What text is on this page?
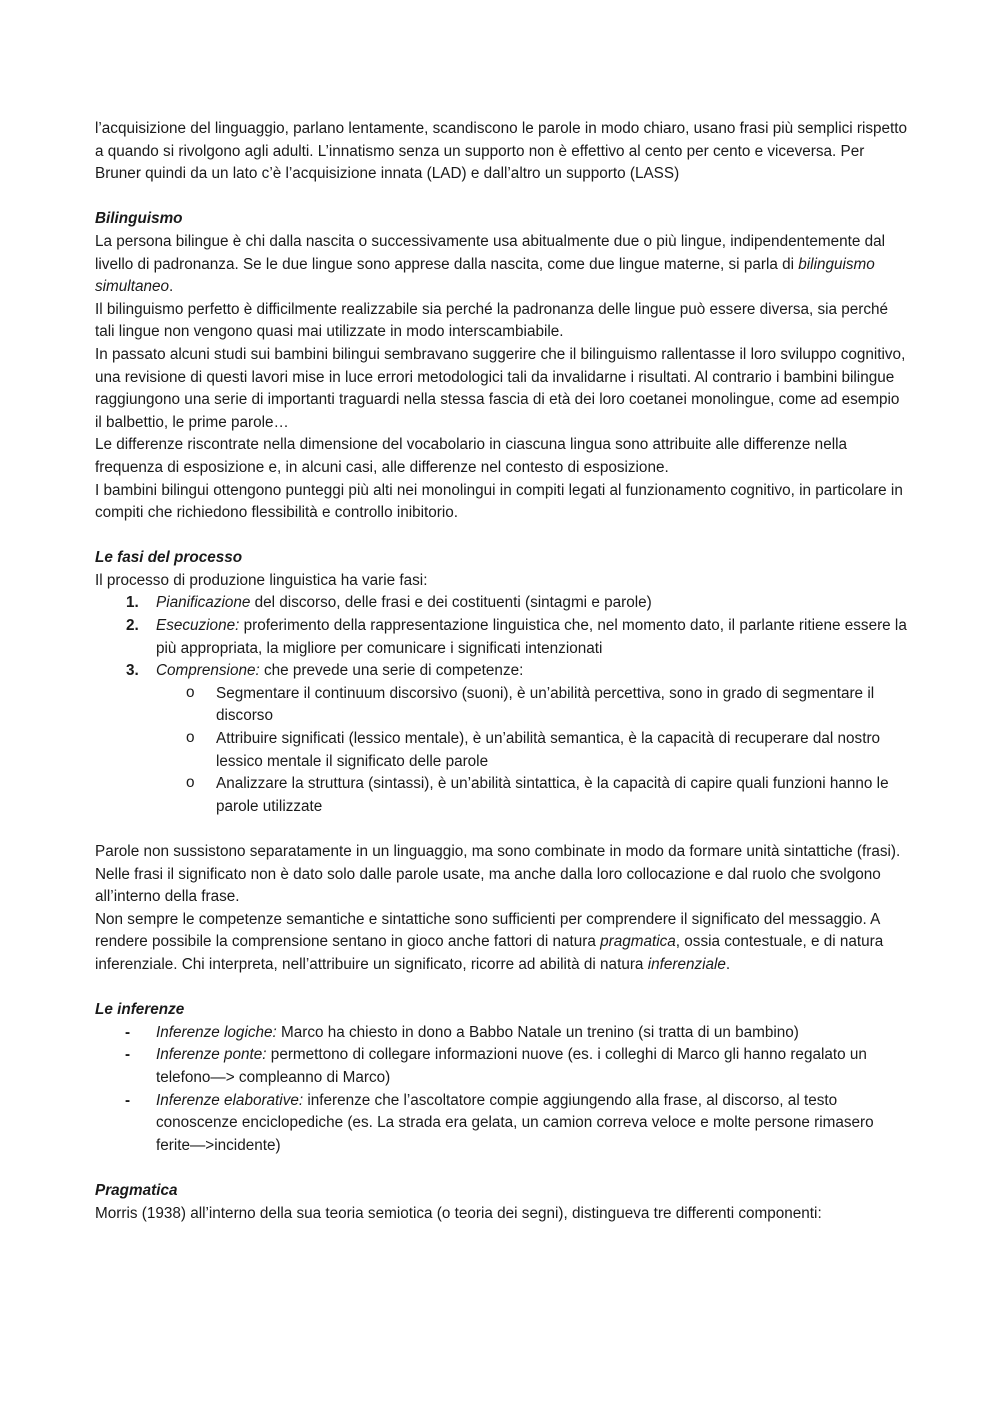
l’acquisizione del linguaggio, parlano lentamente, scandiscono le parole in modo chiaro, usano frasi più semplici rispetto a quando si rivolgono agli adulti. L’innatismo senza un supporto non è effettivo al cento per cento e viceversa. Per Bruner quindi da un lato c’è l’acquisizione innata (LAD) e dall’altro un supporto (LASS)

Bilinguismo

La persona bilingue è chi dalla nascita o successivamente usa abitualmente due o più lingue, indipendentemente dal livello di padronanza. Se le due lingue sono apprese dalla nascita, come due lingue materne, si parla di bilinguismo simultaneo.

Il bilinguismo perfetto è difficilmente realizzabile sia perché la padronanza delle lingue può essere diversa, sia perché tali lingue non vengono quasi mai utilizzate in modo interscambiabile.

In passato alcuni studi sui bambini bilingui sembravano suggerire che il bilinguismo rallentasse il loro sviluppo cognitivo, una revisione di questi lavori mise in luce errori metodologici tali da invalidarne i risultati. Al contrario i bambini bilingue raggiungono una serie di importanti traguardi nella stessa fascia di età dei loro coetanei monolingue, come ad esempio il balbettio, le prime parole…

Le differenze riscontrate nella dimensione del vocabolario in ciascuna lingua sono attribuite alle differenze nella frequenza di esposizione e, in alcuni casi, alle differenze nel contesto di esposizione.

I bambini bilingui ottengono punteggi più alti nei monolingui in compiti legati al funzionamento cognitivo, in particolare in compiti che richiedono flessibilità e controllo inibitorio.

Le fasi del processo

Il processo di produzione linguistica ha varie fasi:

1. Pianificazione del discorso, delle frasi e dei costituenti (sintagmi e parole)
2. Esecuzione: proferimento della rappresentazione linguistica che, nel momento dato, il parlante ritiene essere la più appropriata, la migliore per comunicare i significati intenzionati
3. Comprensione: che prevede una serie di competenze:
o Segmentare il continuum discorsivo (suoni), è un’abilità percettiva, sono in grado di segmentare il discorso
o Attribuire significati (lessico mentale), è un’abilità semantica, è la capacità di recuperare dal nostro lessico mentale il significato delle parole
o Analizzare la struttura (sintassi), è un’abilità sintattica, è la capacità di capire quali funzioni hanno le parole utilizzate

Parole non sussistono separatamente in un linguaggio, ma sono combinate in modo da formare unità sintattiche (frasi).

Nelle frasi il significato non è dato solo dalle parole usate, ma anche dalla loro collocazione e dal ruolo che svolgono all’interno della frase.

Non sempre le competenze semantiche e sintattiche sono sufficienti per comprendere il significato del messaggio. A rendere possibile la comprensione sentano in gioco anche fattori di natura pragmatica, ossia contestuale, e di natura inferenziale. Chi interpreta, nell’attribuire un significato, ricorre ad abilità di natura inferenziale.

Le inferenze
- Inferenze logiche: Marco ha chiesto in dono a Babbo Natale un trenino (si tratta di un bambino)
- Inferenze ponte: permettono di collegare informazioni nuove (es. i colleghi di Marco gli hanno regalato un telefono—> compleanno di Marco)
- Inferenze elaborative: inferenze che l’ascoltatore compie aggiungendo alla frase, al discorso, al testo conoscenze enciclopediche (es. La strada era gelata, un camion correva veloce e molte persone rimasero ferite—>incidente)
Pragmatica

Morris (1938) all’interno della sua teoria semiotica (o teoria dei segni), distingueva tre differenti componenti:
